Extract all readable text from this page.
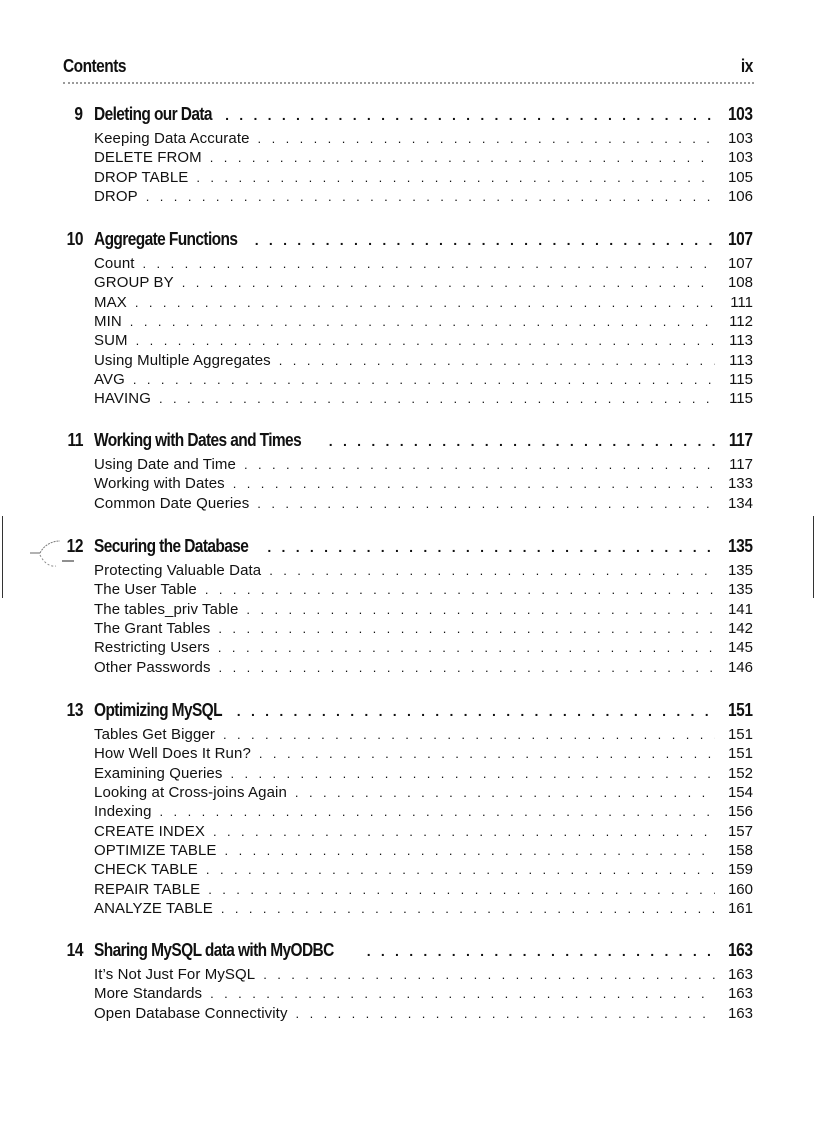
Contents	ix
9 Deleting our Data . . .	103
Keeping Data Accurate . . .	103
DELETE FROM . . .	103
DROP TABLE . . .	105
DROP . . .	106
10 Aggregate Functions . . .	107
Count . . .	107
GROUP BY . . .	108
MAX . . .	111
MIN . . .	112
SUM . . .	113
Using Multiple Aggregates . . .	113
AVG . . .	115
HAVING . . .	115
11 Working with Dates and Times . . .	117
Using Date and Time . . .	117
Working with Dates . . .	133
Common Date Queries . . .	134
12 Securing the Database . . .	135
Protecting Valuable Data . . .	135
The User Table . . .	135
The tables_priv Table . . .	141
The Grant Tables . . .	142
Restricting Users . . .	145
Other Passwords . . .	146
13 Optimizing MySQL . . .	151
Tables Get Bigger . . .	151
How Well Does It Run? . . .	151
Examining Queries . . .	152
Looking at Cross-joins Again . . .	154
Indexing . . .	156
CREATE INDEX . . .	157
OPTIMIZE TABLE . . .	158
CHECK TABLE . . .	159
REPAIR TABLE . . .	160
ANALYZE TABLE . . .	161
14 Sharing MySQL data with MyODBC . . .	163
It’s Not Just For MySQL . . .	163
More Standards . . .	163
Open Database Connectivity . . .	163
